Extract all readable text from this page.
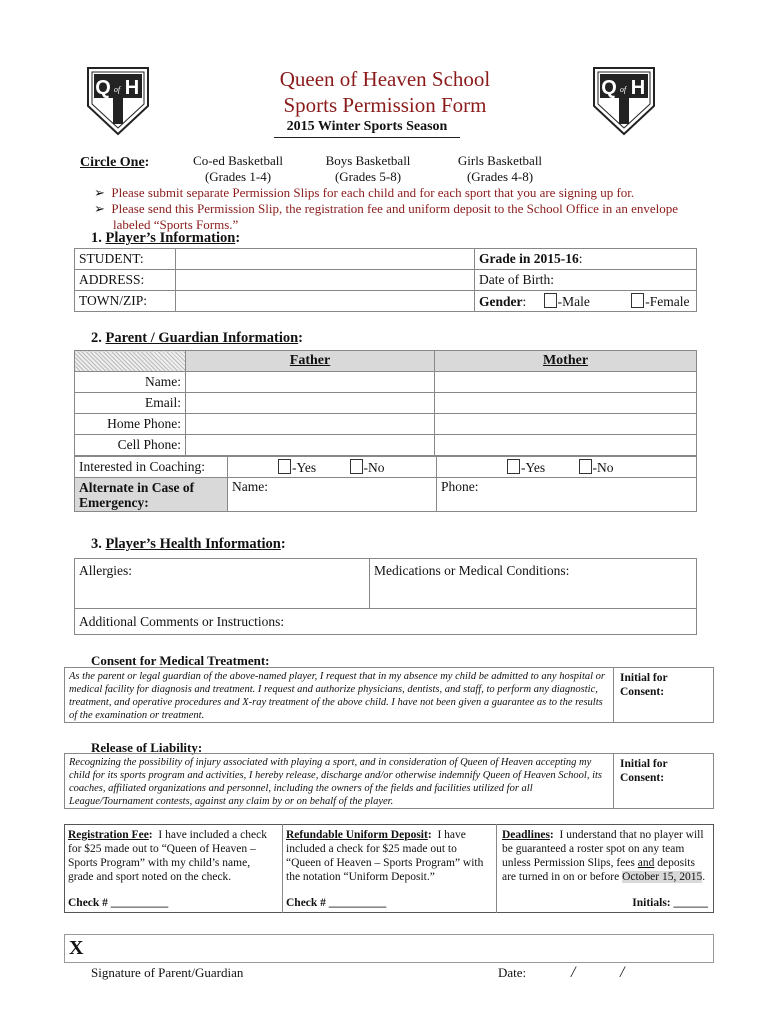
Q of H	Q of H
Queen of Heaven School
Sports Permission Form
2015 Winter Sports Season
Circle One:	Co-ed Basketball
(Grades 1-4)
Boys Basketball
(Grades 5-8)
Girls Basketball
(Grades 4-8)
➢ Please submit separate Permission Slips for each child and for each sport that you are signing up for.
➢ Please send this Permission Slip, the registration fee and uniform deposit to the School Office in an envelope
labeled “Sports Forms.”
1. Player’s Information:
STUDENT:		Grade in 2015-16:
ADDRESS:		Date of Birth:
TOWN/ZIP:		Gender: -Male -Female
2. Parent / Guardian Information:
	Father	Mother
Name:		
Email:		
Home Phone:		
Cell Phone:		
Interested in Coaching:	-Yes -No	-Yes -No

Alternate in Case of
Emergency:	Name:	Phone:
3. Player’s Health Information:
Allergies:	Medications or Medical Conditions:
Additional Comments or Instructions:
Consent for Medical Treatment:
As the parent or legal guardian of the above-named player, I request that in my absence my child be admitted to any hospital or medical facility for diagnosis and treatment. I request and authorize physicians, dentists, and staff, to perform any diagnostic, treatment, and operative procedures and X-ray treatment of the above child. I have not been given a guarantee as to the results of the examination or treatment.
Initial for Consent:
Release of Liability:
Recognizing the possibility of injury associated with playing a sport, and in consideration of Queen of Heaven accepting my child for its sports program and activities, I hereby release, discharge and/or otherwise indemnify Queen of Heaven School, its coaches, affiliated organizations and personnel, including the owners of the fields and facilities utilized for all League/Tournament contests, against any claim by or on behalf of the player.
Initial for Consent:
Registration Fee: I have included a check for $25 made out to “Queen of Heaven – Sports Program” with my child’s name, grade and sport noted on the check.
Check # __________
Refundable Uniform Deposit: I have included a check for $25 made out to “Queen of Heaven – Sports Program” with the notation “Uniform Deposit.”
Check # __________
Deadlines: I understand that no player will be guaranteed a roster spot on any team unless Permission Slips, fees and deposits are turned in on or before October 15, 2015.
Initials: ______
X
Signature of Parent/Guardian	Date:	/	/
